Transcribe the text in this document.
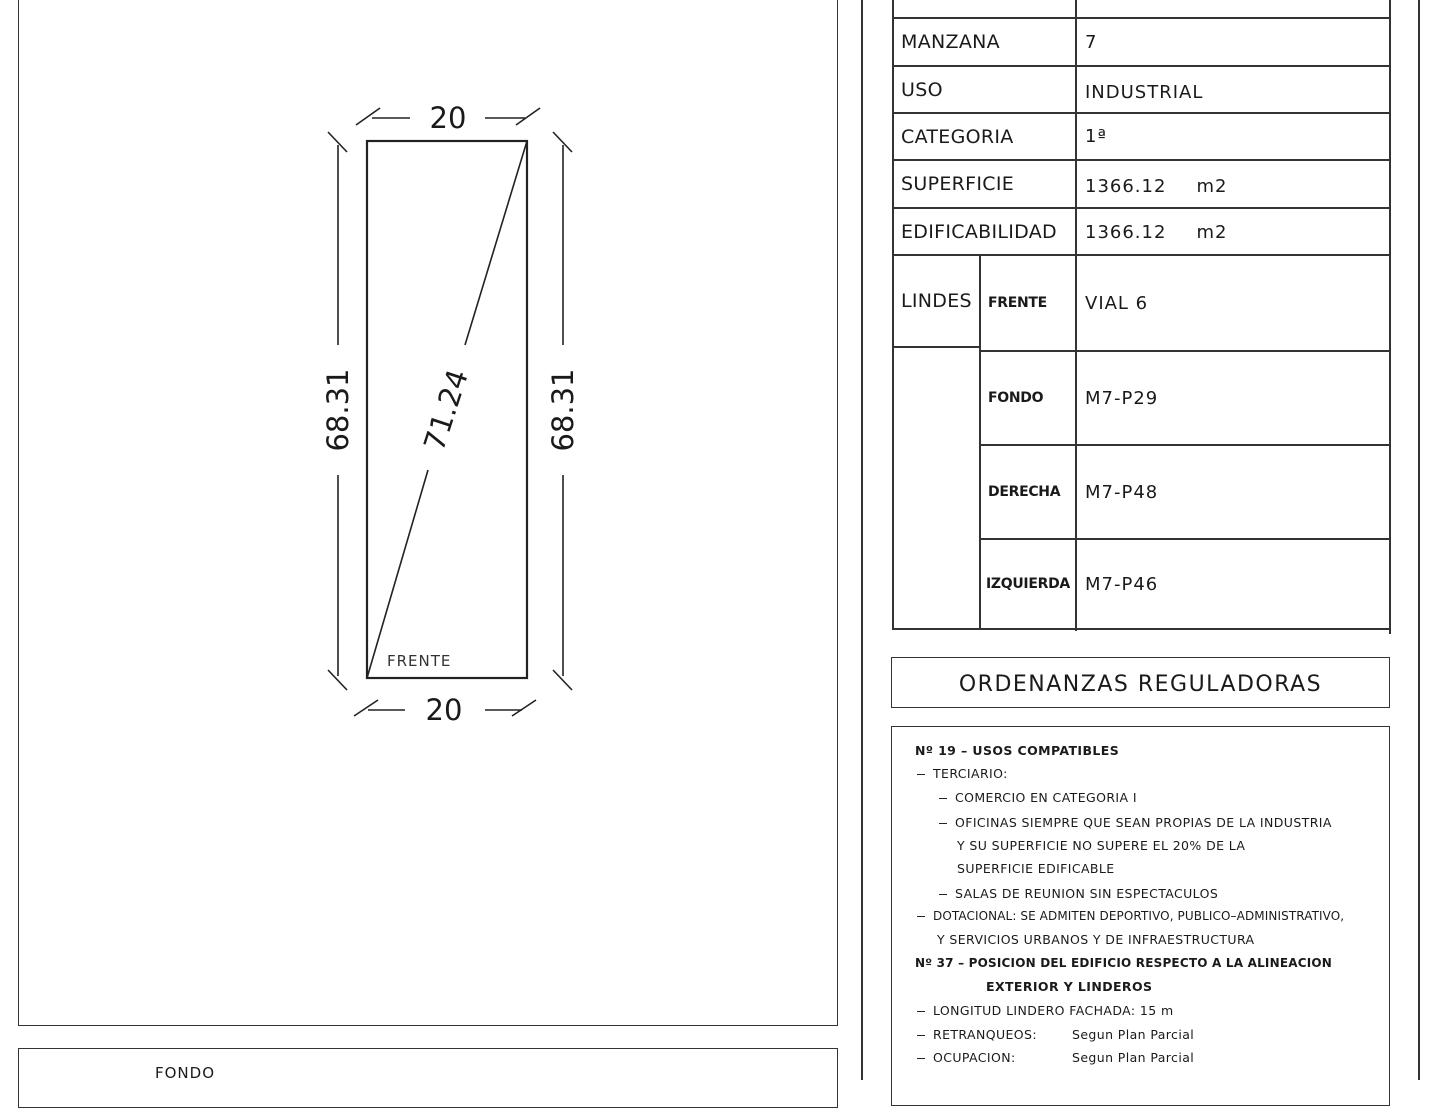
20
20
68.31	68.31
71.24
FRENTE
FONDO
MANZANA	7
USO	INDUSTRIAL
CATEGORIA	1ª
SUPERFICIE	1366.12 m2
EDIFICABILIDAD	1366.12 m2
LINDES	FRENTE	VIAL 6
FONDO	M7-P29
DERECHA	M7-P48
IZQUIERDA M7-P46
ORDENANZAS REGULADORAS
Nº 19 – USOS COMPATIBLES
TERCIARIO:
COMERCIO EN CATEGORIA I
OFICINAS SIEMPRE QUE SEAN PROPIAS DE LA INDUSTRIA
Y SU SUPERFICIE NO SUPERE EL 20% DE LA
SUPERFICIE EDIFICABLE
SALAS DE REUNION SIN ESPECTACULOS
DOTACIONAL: SE ADMITEN DEPORTIVO, PUBLICO–ADMINISTRATIVO,
Y SERVICIOS URBANOS Y DE INFRAESTRUCTURA
Nº 37 – POSICION DEL EDIFICIO RESPECTO A LA ALINEACION
EXTERIOR Y LINDEROS
LONGITUD LINDERO FACHADA: 15 m
RETRANQUEOS:	Segun Plan Parcial
OCUPACION:	Segun Plan Parcial
